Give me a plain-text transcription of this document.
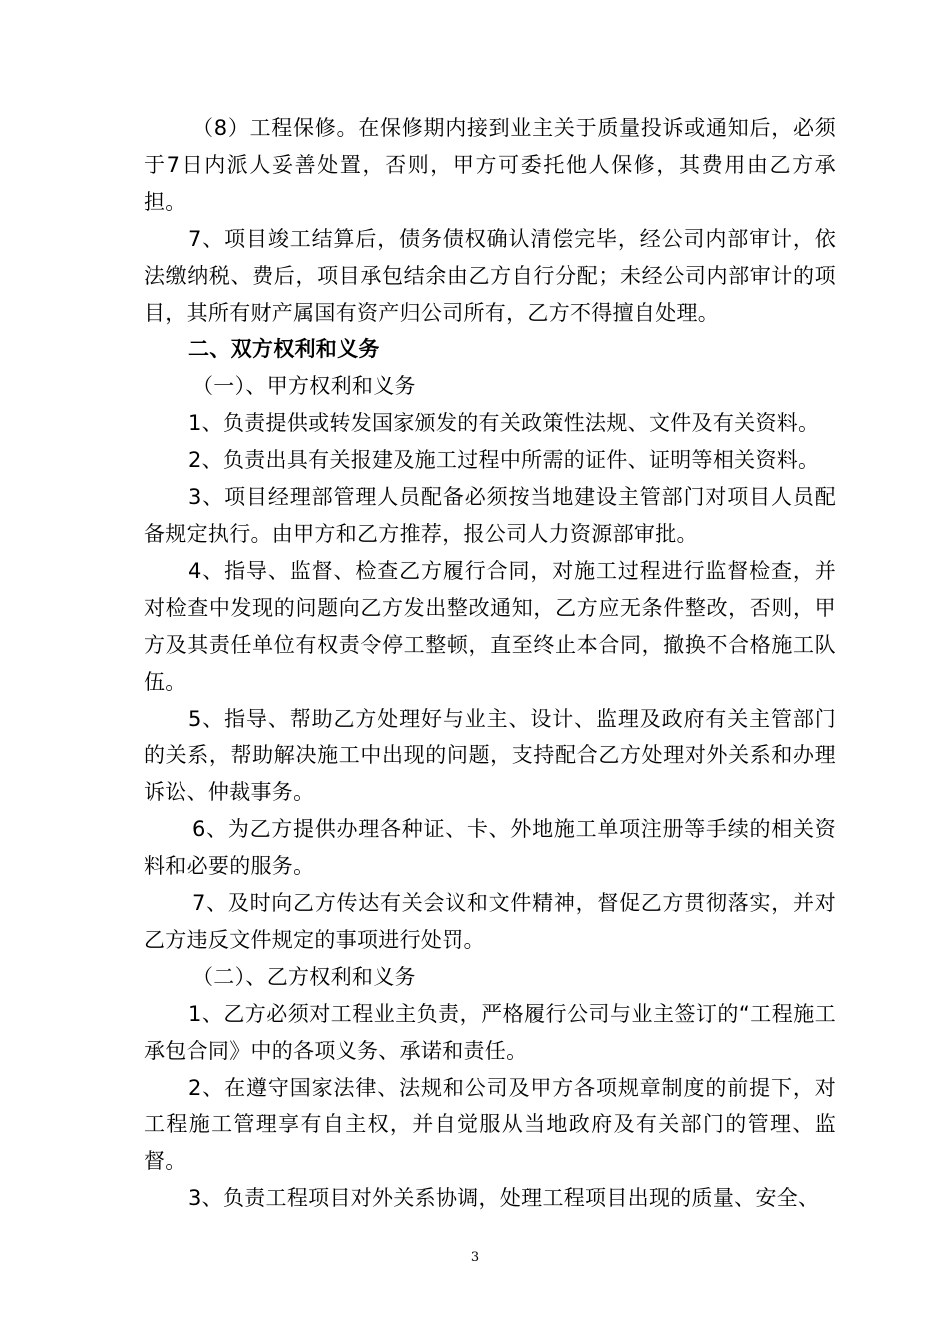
（8）工程保修。在保修期内接到业主关于质量投诉或通知后，必须于7日内派人妥善处置，否则，甲方可委托他人保修，其费用由乙方承担。

7、项目竣工结算后，债务债权确认清偿完毕，经公司内部审计，依法缴纳税、费后，项目承包结余由乙方自行分配；未经公司内部审计的项目，其所有财产属国有资产归公司所有，乙方不得擅自处理。

二、双方权利和义务

（一）、甲方权利和义务

1、负责提供或转发国家颁发的有关政策性法规、文件及有关资料。

2、负责出具有关报建及施工过程中所需的证件、证明等相关资料。

3、项目经理部管理人员配备必须按当地建设主管部门对项目人员配备规定执行。由甲方和乙方推荐，报公司人力资源部审批。

4、指导、监督、检查乙方履行合同，对施工过程进行监督检查，并对检查中发现的问题向乙方发出整改通知，乙方应无条件整改，否则，甲方及其责任单位有权责令停工整顿，直至终止本合同，撤换不合格施工队伍。

5、指导、帮助乙方处理好与业主、设计、监理及政府有关主管部门的关系，帮助解决施工中出现的问题，支持配合乙方处理对外关系和办理诉讼、仲裁事务。

6、为乙方提供办理各种证、卡、外地施工单项注册等手续的相关资料和必要的服务。

7、及时向乙方传达有关会议和文件精神，督促乙方贯彻落实，并对乙方违反文件规定的事项进行处罚。

（二）、乙方权利和义务

1、乙方必须对工程业主负责，严格履行公司与业主签订的“工程施工承包合同》中的各项义务、承诺和责任。

2、在遵守国家法律、法规和公司及甲方各项规章制度的前提下，对工程施工管理享有自主权，并自觉服从当地政府及有关部门的管理、监督。

3、负责工程项目对外关系协调，处理工程项目出现的质量、安全、

3
